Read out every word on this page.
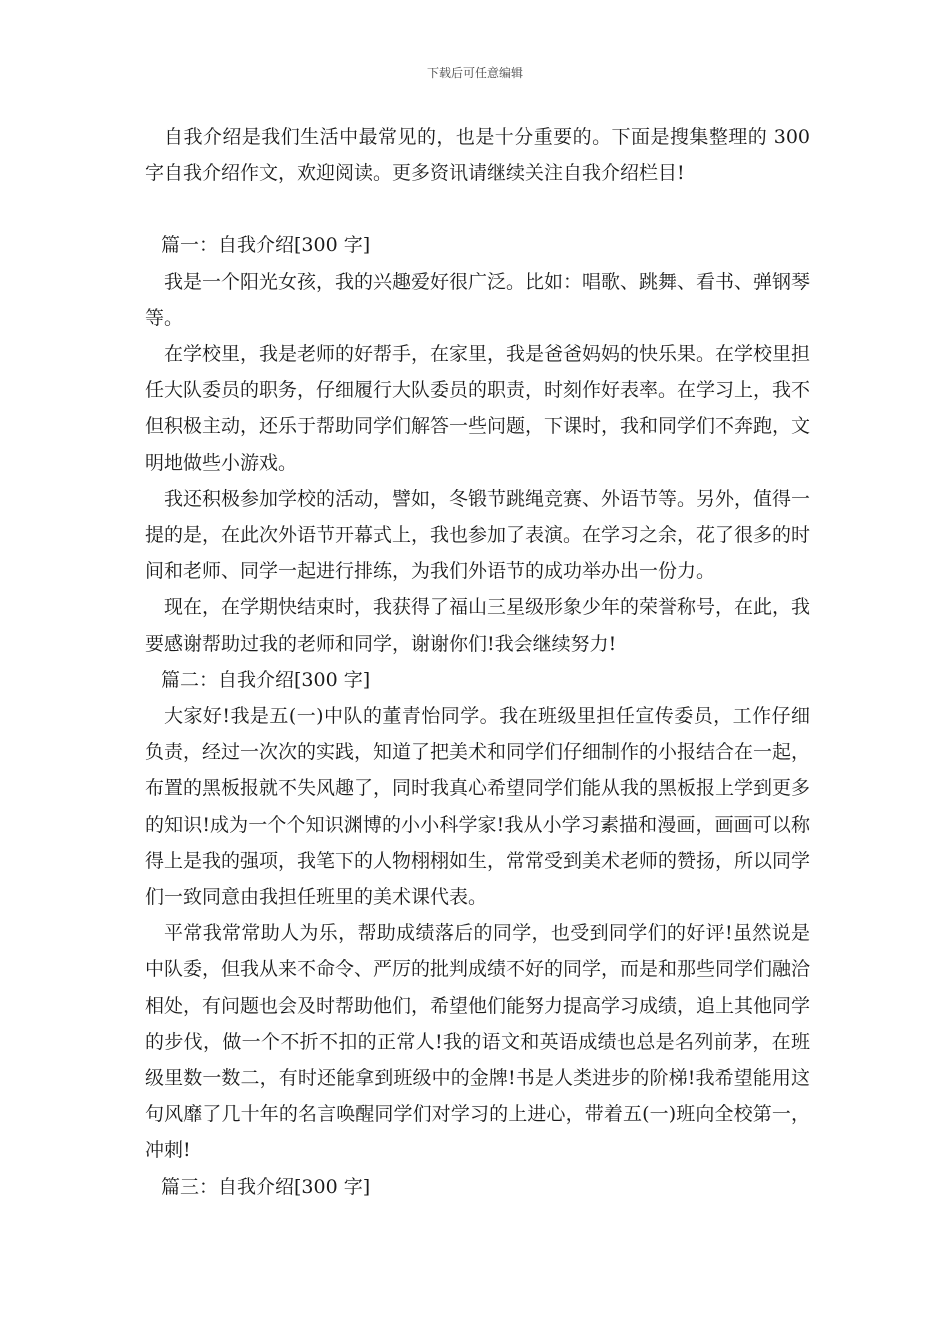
下载后可任意编辑

自我介绍是我们生活中最常见的，也是十分重要的。下面是搜集整理的 300 字自我介绍作文，欢迎阅读。更多资讯请继续关注自我介绍栏目!

篇一：自我介绍[300 字]

我是一个阳光女孩，我的兴趣爱好很广泛。比如：唱歌、跳舞、看书、弹钢琴等。

在学校里，我是老师的好帮手，在家里，我是爸爸妈妈的快乐果。在学校里担任大队委员的职务，仔细履行大队委员的职责，时刻作好表率。在学习上，我不但积极主动，还乐于帮助同学们解答一些问题，下课时，我和同学们不奔跑，文明地做些小游戏。

我还积极参加学校的活动，譬如，冬锻节跳绳竞赛、外语节等。另外，值得一提的是，在此次外语节开幕式上，我也参加了表演。在学习之余，花了很多的时间和老师、同学一起进行排练，为我们外语节的成功举办出一份力。

现在，在学期快结束时，我获得了福山三星级形象少年的荣誉称号，在此，我要感谢帮助过我的老师和同学，谢谢你们!我会继续努力!

篇二：自我介绍[300 字]

大家好!我是五(一)中队的董青怡同学。我在班级里担任宣传委员，工作仔细负责，经过一次次的实践，知道了把美术和同学们仔细制作的小报结合在一起，布置的黑板报就不失风趣了，同时我真心希望同学们能从我的黑板报上学到更多的知识!成为一个个知识渊博的小小科学家!我从小学习素描和漫画，画画可以称得上是我的强项，我笔下的人物栩栩如生，常常受到美术老师的赞扬，所以同学们一致同意由我担任班里的美术课代表。

平常我常常助人为乐，帮助成绩落后的同学，也受到同学们的好评!虽然说是中队委，但我从来不命令、严厉的批判成绩不好的同学，而是和那些同学们融洽相处，有问题也会及时帮助他们，希望他们能努力提高学习成绩，追上其他同学的步伐，做一个不折不扣的正常人!我的语文和英语成绩也总是名列前茅，在班级里数一数二，有时还能拿到班级中的金牌!书是人类进步的阶梯!我希望能用这句风靡了几十年的名言唤醒同学们对学习的上进心，带着五(一)班向全校第一，冲刺!

篇三：自我介绍[300 字]
